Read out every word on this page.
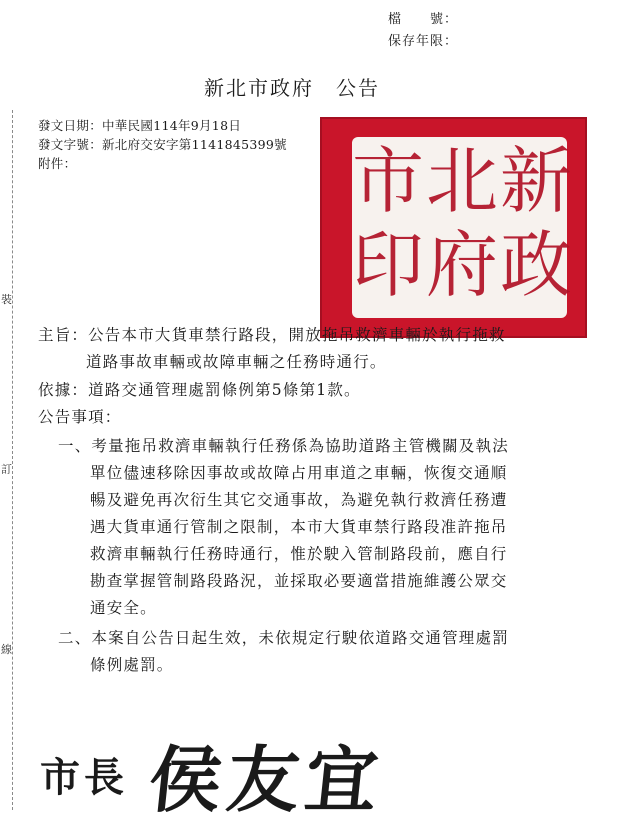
檔　　號：
保存年限：
新北市政府　公告
發文日期：中華民國114年9月18日
發文字號：新北府交安字第1141845399號
附件：
裝
訂
線
新
北
市
政
府
印
主旨：公告本市大貨車禁行路段，開放拖吊救濟車輛於執行拖救
道路事故車輛或故障車輛之任務時通行。
依據：道路交通管理處罰條例第5條第1款。
公告事項：
一、考量拖吊救濟車輛執行任務係為協助道路主管機關及執法
單位儘速移除因事故或故障占用車道之車輛，恢復交通順
暢及避免再次衍生其它交通事故，為避免執行救濟任務遭
遇大貨車通行管制之限制，本市大貨車禁行路段准許拖吊
救濟車輛執行任務時通行，惟於駛入管制路段前，應自行
勘查掌握管制路段路況，並採取必要適當措施維護公眾交
通安全。
二、本案自公告日起生效，未依規定行駛依道路交通管理處罰
條例處罰。
市長 侯友宜
